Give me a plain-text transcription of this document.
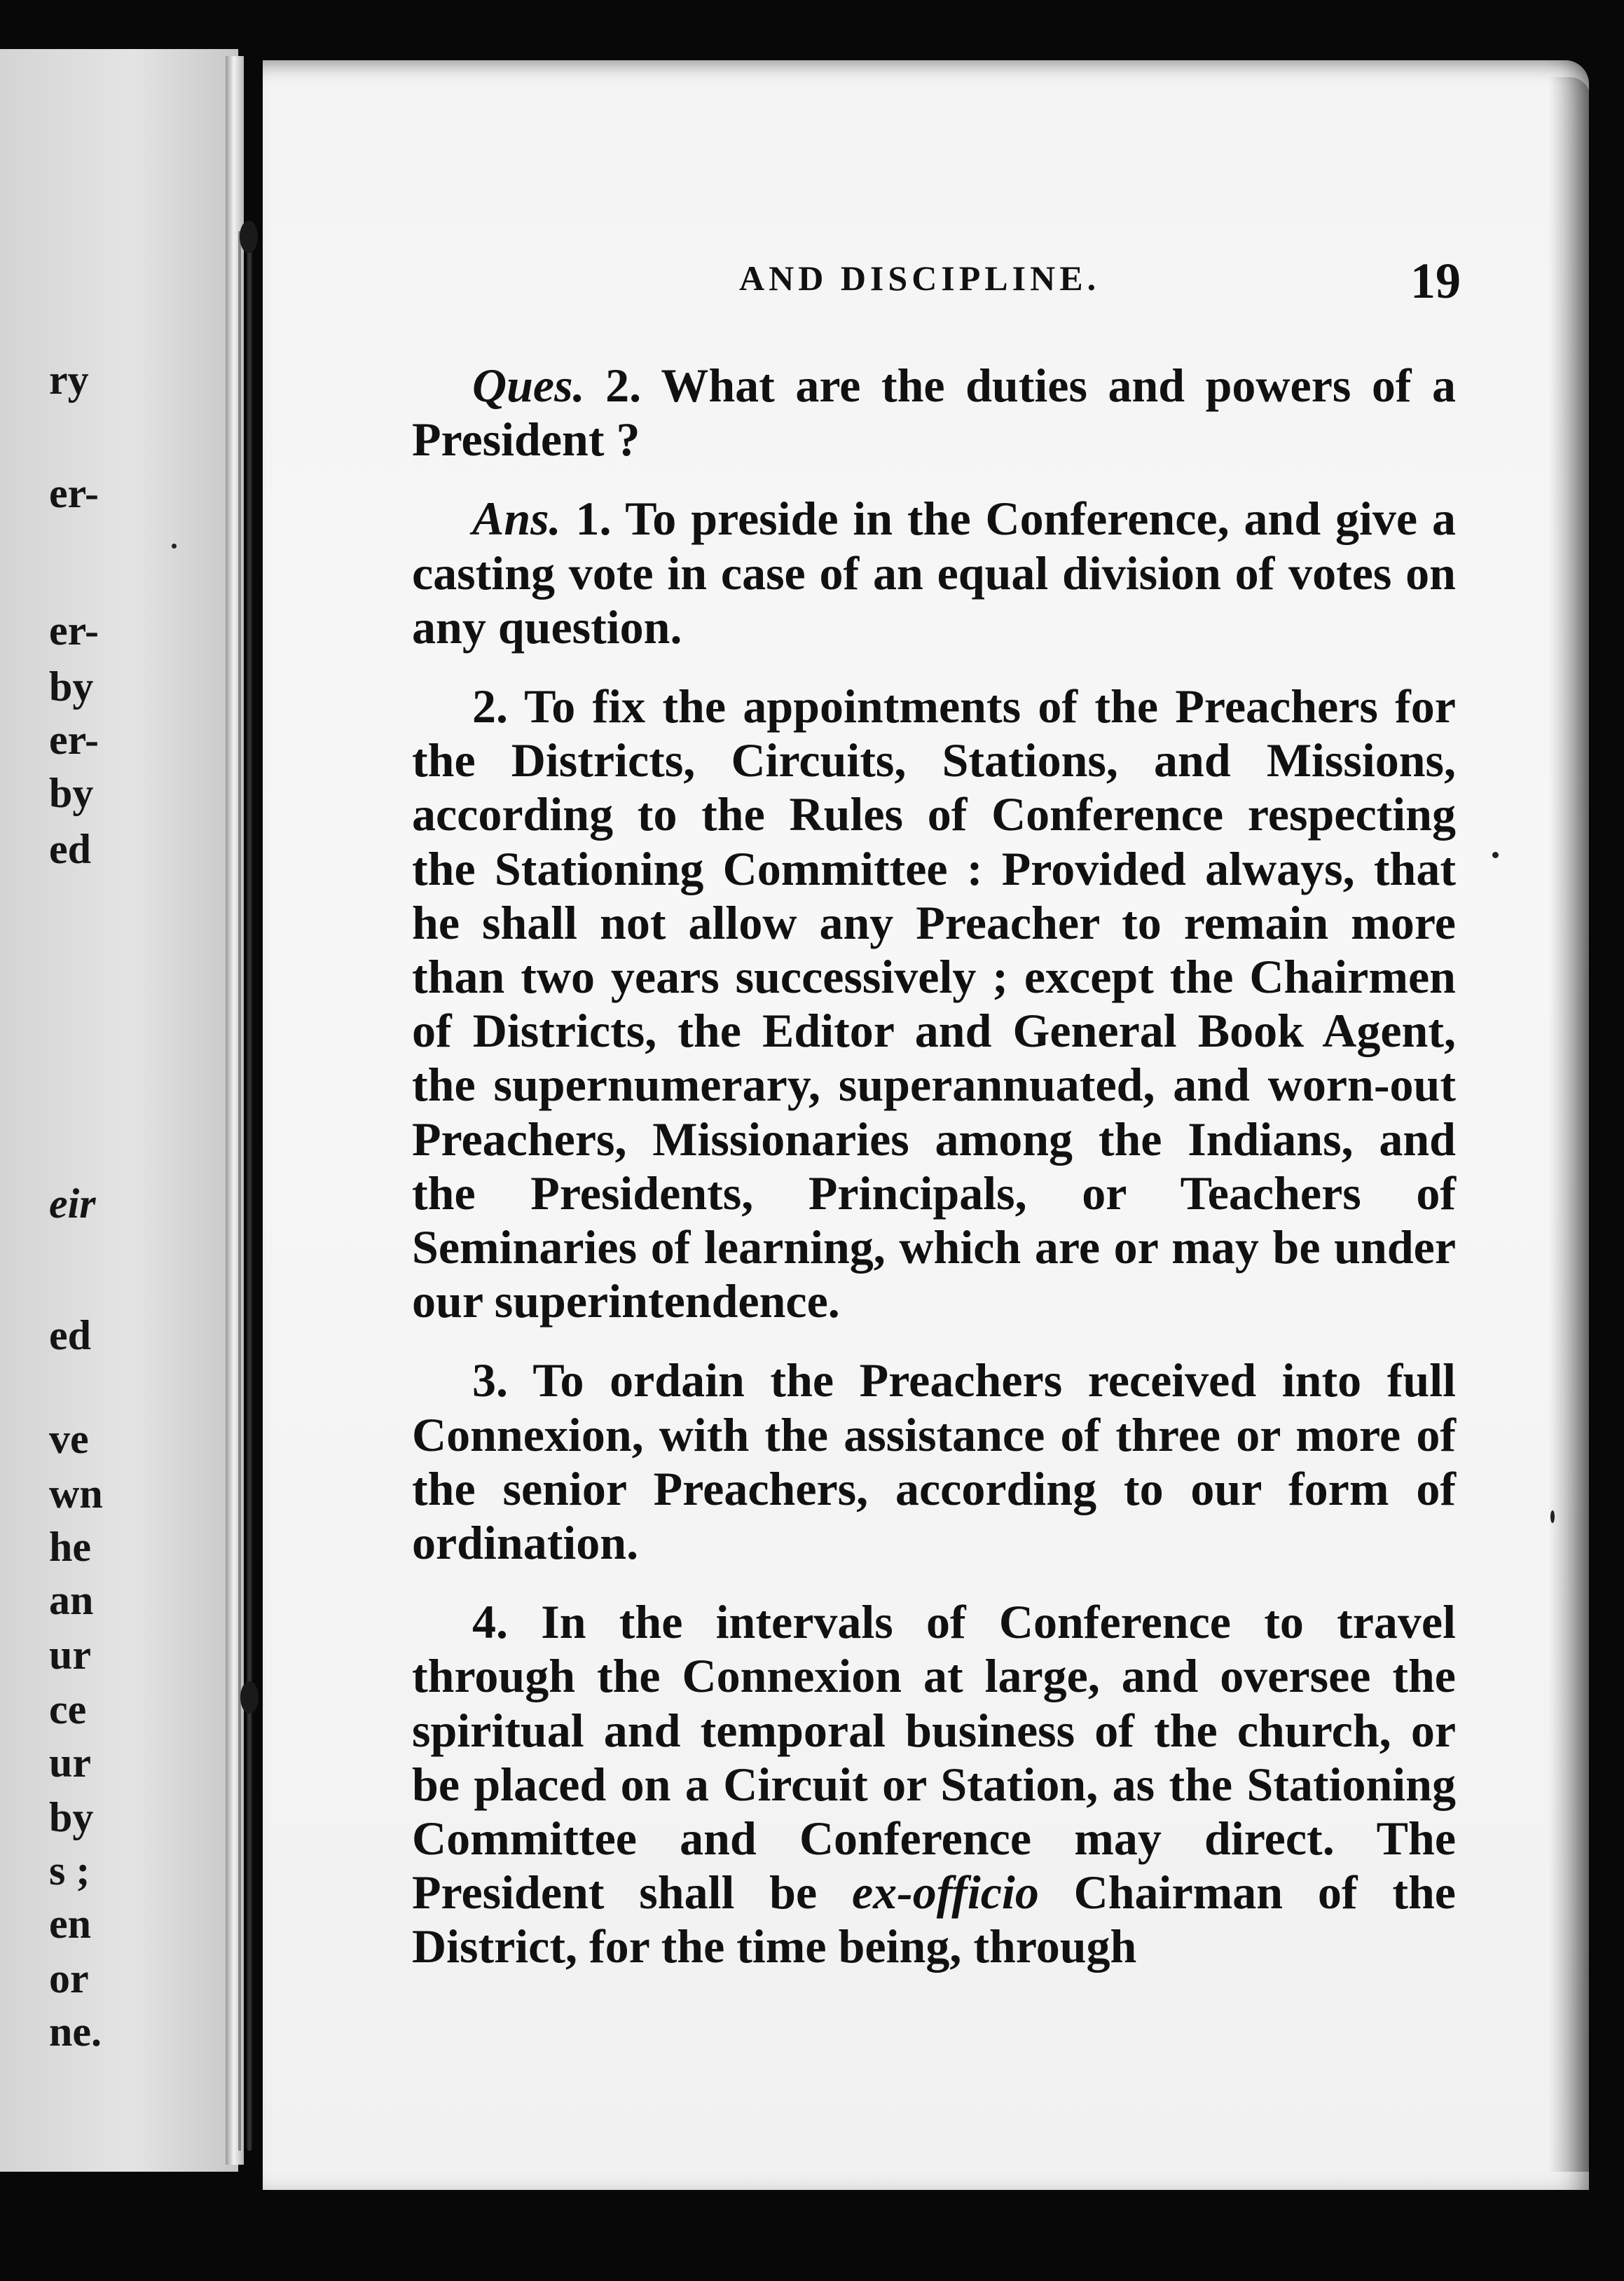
ry
er-
er-
by
er-
by
ed
eir
ed
ve
wn
he
an
ur
ce
ur
by
s ;
en
or
ne.
AND DISCIPLINE.	19

Ques. 2. What are the duties and powers of a President ?

Ans. 1. To preside in the Conference, and give a casting vote in case of an equal division of votes on any question.

2. To fix the appointments of the Preachers for the Districts, Circuits, Stations, and Missions, according to the Rules of Conference respecting the Stationing Committee : Provided always, that he shall not allow any Preacher to remain more than two years successively ; except the Chairmen of Districts, the Editor and General Book Agent, the supernumerary, superannuated, and worn-out Preachers, Missionaries among the Indians, and the Presidents, Principals, or Teachers of Seminaries of learning, which are or may be under our superintendence.

3. To ordain the Preachers received into full Connexion, with the assistance of three or more of the senior Preachers, according to our form of ordination.

4. In the intervals of Conference to travel through the Connexion at large, and oversee the spiritual and temporal business of the church, or be placed on a Circuit or Station, as the Stationing Committee and Conference may direct. The President shall be ex-officio Chairman of the District, for the time being, through
